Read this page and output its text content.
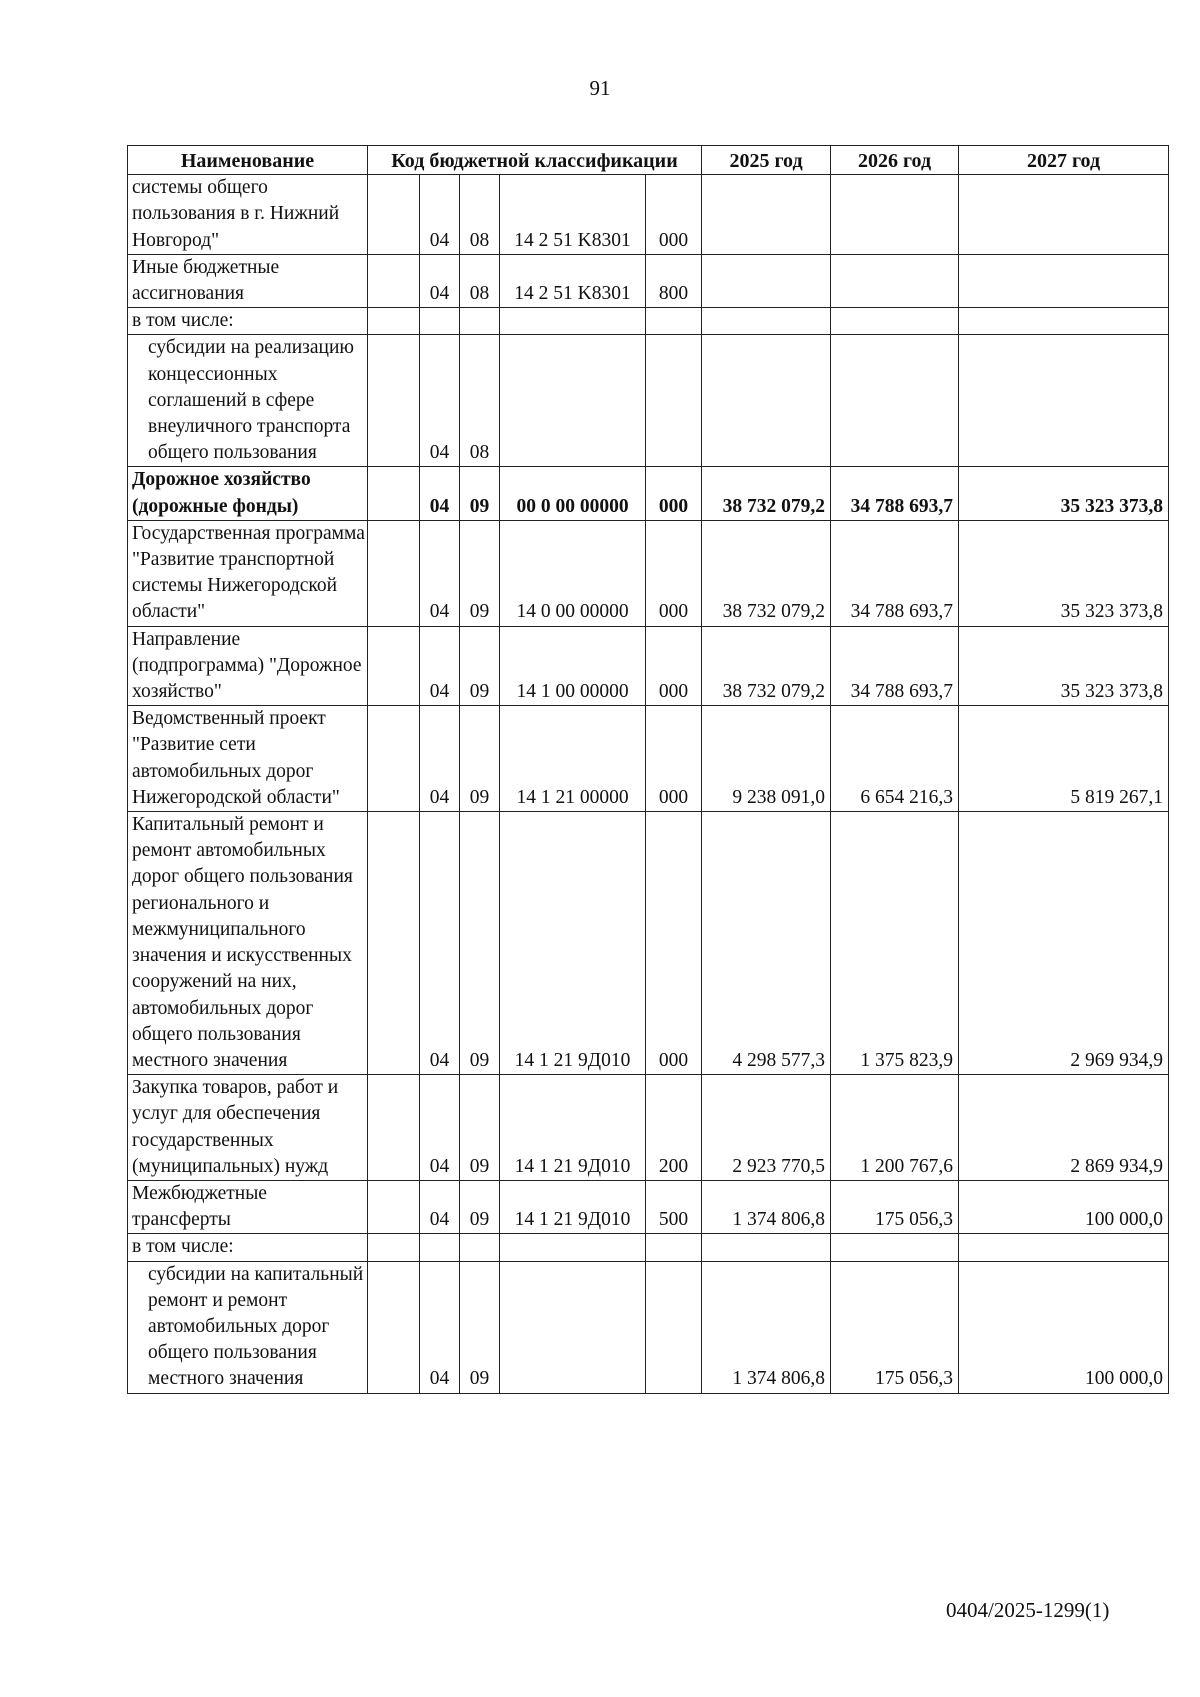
91
Наименование	Код бюджетной классификации					2025 год	2026 год	2027 год
системы общего пользования в г. Нижний Новгород"		04	08	14 2 51 K8301	000			
Иные бюджетные ассигнования		04	08	14 2 51 K8301	800			
в том числе:								
субсидии на реализацию концессионных соглашений в сфере внеуличного транспорта общего пользования		04	08					
Дорожное хозяйство (дорожные фонды)		04	09	00 0 00 00000	000	38 732 079,2	34 788 693,7	35 323 373,8
Государственная программа "Развитие транспортной системы Нижегородской области"		04	09	14 0 00 00000	000	38 732 079,2	34 788 693,7	35 323 373,8
Направление (подпрограмма) "Дорожное хозяйство"		04	09	14 1 00 00000	000	38 732 079,2	34 788 693,7	35 323 373,8
Ведомственный проект "Развитие сети автомобильных дорог Нижегородской области"		04	09	14 1 21 00000	000	9 238 091,0	6 654 216,3	5 819 267,1
Капитальный ремонт и ремонт автомобильных дорог общего пользования регионального и межмуниципального значения и искусственных сооружений на них, автомобильных дорог общего пользования местного значения		04	09	14 1 21 9Д010	000	4 298 577,3	1 375 823,9	2 969 934,9
Закупка товаров, работ и услуг для обеспечения государственных (муниципальных) нужд		04	09	14 1 21 9Д010	200	2 923 770,5	1 200 767,6	2 869 934,9
Межбюджетные трансферты		04	09	14 1 21 9Д010	500	1 374 806,8	175 056,3	100 000,0
в том числе:								
субсидии на капитальный ремонт и ремонт автомобильных дорог общего пользования местного значения		04	09			1 374 806,8	175 056,3	100 000,0
0404/2025-1299(1)
